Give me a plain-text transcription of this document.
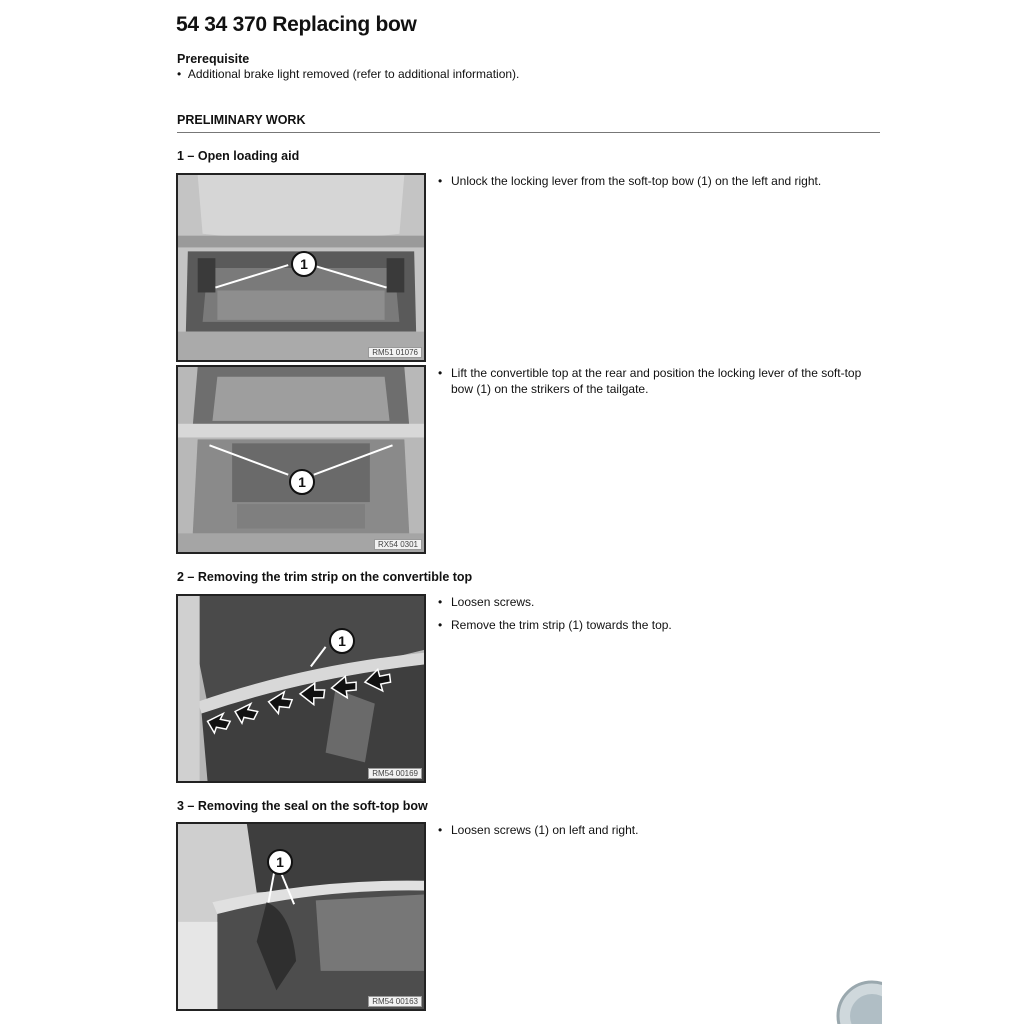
54 34 370 Replacing bow
Prerequisite
• Additional brake light removed (refer to additional information).
PRELIMINARY WORK
1 – Open loading aid
1
RM51 01076
• Unlock the locking lever from the soft-top bow (1) on the left and right.
1
RX54 0301
• Lift the convertible top at the rear and position the locking lever of the soft-top bow (1) on the strikers of the tailgate.
2 – Removing the trim strip on the convertible top
1
RM54 00169
• Loosen screws.
• Remove the trim strip (1) towards the top.
3 – Removing the seal on the soft-top bow
1
RM54 00163
• Loosen screws (1) on left and right.
